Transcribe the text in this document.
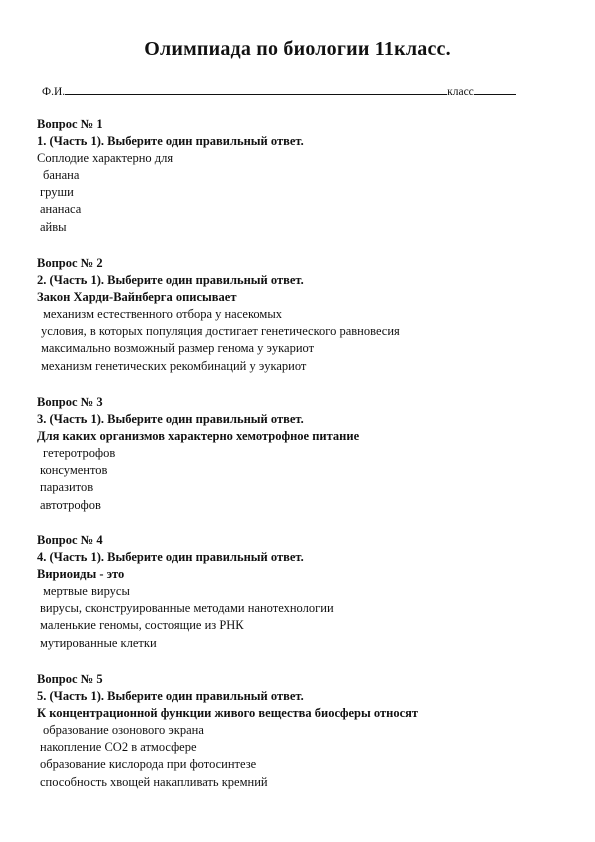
Олимпиада по биологии 11класс.
Ф.И.	класс
Вопрос № 1
1. (Часть 1). Выберите один правильный ответ.
Соплодие характерно для
банана
груши
ананаса
айвы
Вопрос № 2
2. (Часть 1). Выберите один правильный ответ.
Закон Харди-Вайнберга описывает
механизм естественного отбора у насекомых
условия, в которых популяция достигает генетического равновесия
максимально возможный размер генома у эукариот
механизм генетических рекомбинаций у эукариот
Вопрос № 3
3. (Часть 1). Выберите один правильный ответ.
Для каких организмов характерно хемотрофное питание
гетеротрофов
консументов
паразитов
автотрофов
Вопрос № 4
4. (Часть 1). Выберите один правильный ответ.
Вириоиды - это
мертвые вирусы
вирусы, сконструированные методами нанотехнологии
маленькие геномы, состоящие из РНК
мутированные клетки
Вопрос № 5
5. (Часть 1). Выберите один правильный ответ.
К концентрационной функции живого вещества биосферы относят
образование озонового экрана
накопление СО2 в атмосфере
образование кислорода при фотосинтезе
способность хвощей накапливать кремний
